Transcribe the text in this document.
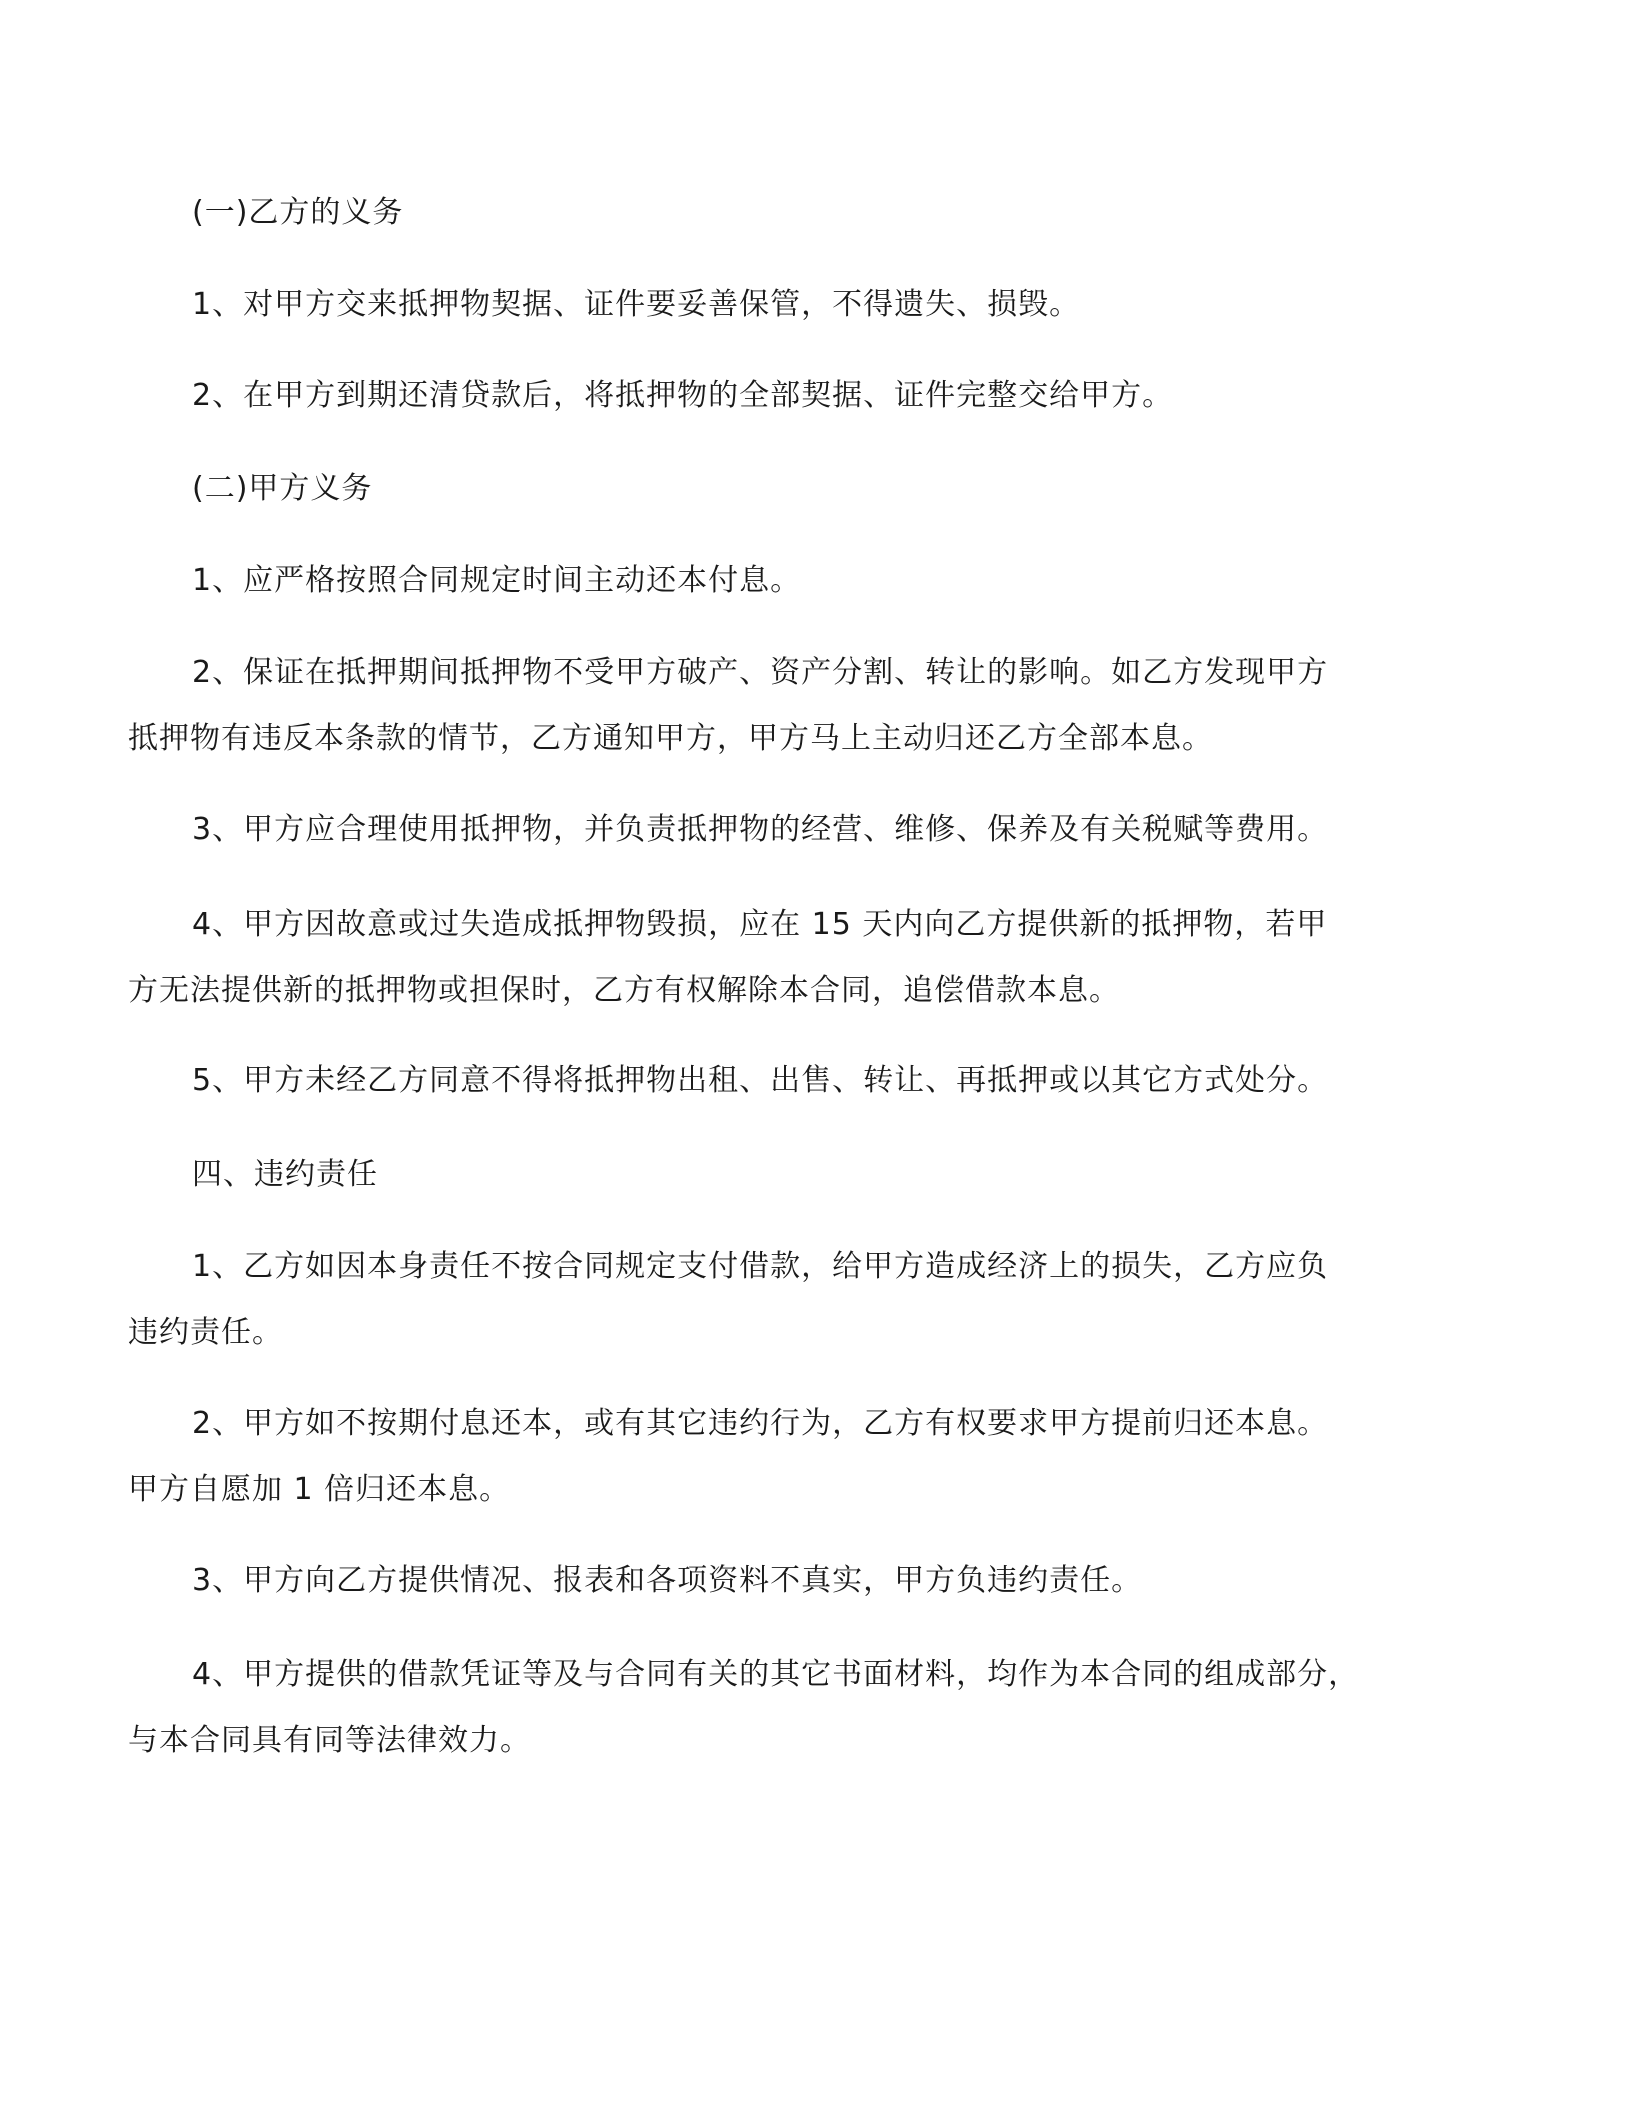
(一)乙方的义务

1、对甲方交来抵押物契据、证件要妥善保管，不得遗失、损毁。

2、在甲方到期还清贷款后，将抵押物的全部契据、证件完整交给甲方。

(二)甲方义务

1、应严格按照合同规定时间主动还本付息。

2、保证在抵押期间抵押物不受甲方破产、资产分割、转让的影响。如乙方发现甲方
抵押物有违反本条款的情节，乙方通知甲方，甲方马上主动归还乙方全部本息。

3、甲方应合理使用抵押物，并负责抵押物的经营、维修、保养及有关税赋等费用。

4、甲方因故意或过失造成抵押物毁损，应在 15 天内向乙方提供新的抵押物，若甲
方无法提供新的抵押物或担保时，乙方有权解除本合同，追偿借款本息。

5、甲方未经乙方同意不得将抵押物出租、出售、转让、再抵押或以其它方式处分。

四、违约责任

1、乙方如因本身责任不按合同规定支付借款，给甲方造成经济上的损失，乙方应负
违约责任。

2、甲方如不按期付息还本，或有其它违约行为，乙方有权要求甲方提前归还本息。
甲方自愿加 1 倍归还本息。

3、甲方向乙方提供情况、报表和各项资料不真实，甲方负违约责任。

4、甲方提供的借款凭证等及与合同有关的其它书面材料，均作为本合同的组成部分，
与本合同具有同等法律效力。
